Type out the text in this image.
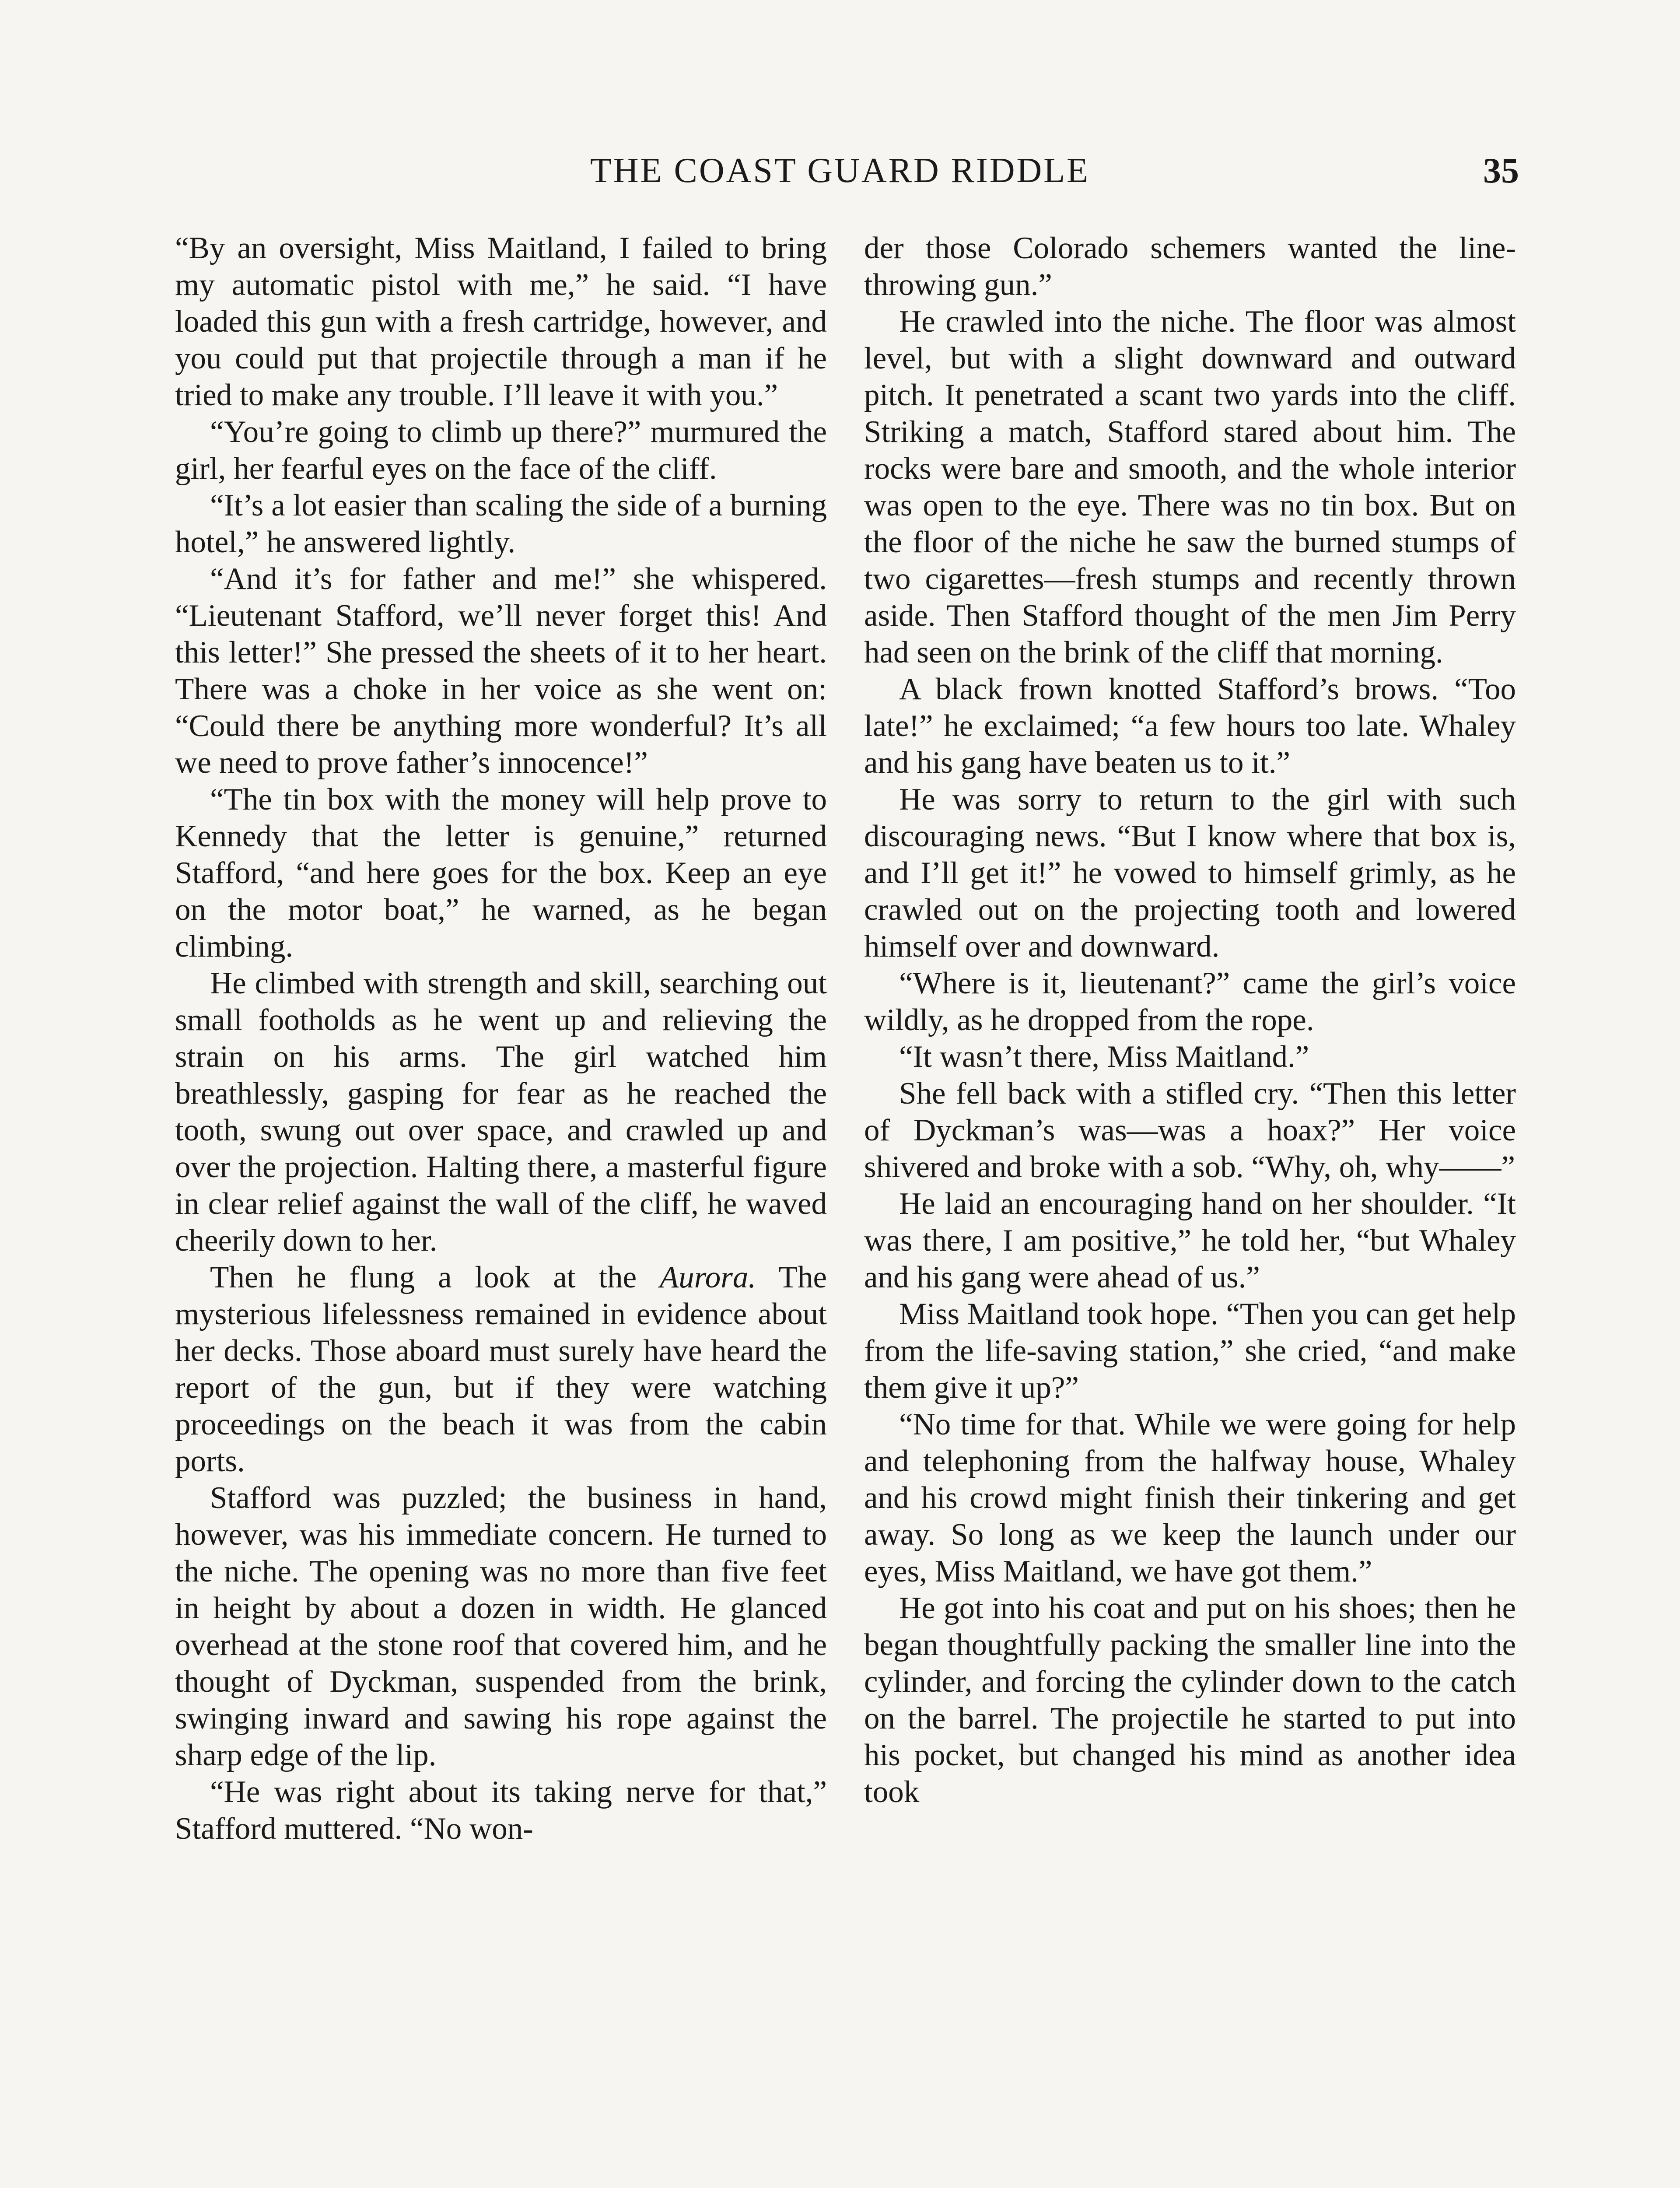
THE COAST GUARD RIDDLE	35

“By an oversight, Miss Maitland, I failed to bring my automatic pistol with me,” he said. “I have loaded this gun with a fresh cartridge, however, and you could put that projectile through a man if he tried to make any trouble. I’ll leave it with you.”

“You’re going to climb up there?” murmured the girl, her fearful eyes on the face of the cliff.

“It’s a lot easier than scaling the side of a burning hotel,” he answered lightly.

“And it’s for father and me!” she whispered. “Lieutenant Stafford, we’ll never forget this! And this letter!” She pressed the sheets of it to her heart. There was a choke in her voice as she went on: “Could there be anything more wonderful? It’s all we need to prove father’s innocence!”

“The tin box with the money will help prove to Kennedy that the letter is genuine,” returned Stafford, “and here goes for the box. Keep an eye on the motor boat,” he warned, as he began climbing.

He climbed with strength and skill, searching out small footholds as he went up and relieving the strain on his arms. The girl watched him breathlessly, gasping for fear as he reached the tooth, swung out over space, and crawled up and over the projection. Halting there, a masterful figure in clear relief against the wall of the cliff, he waved cheerily down to her.

Then he flung a look at the Aurora. The mysterious lifelessness remained in evidence about her decks. Those aboard must surely have heard the report of the gun, but if they were watching proceedings on the beach it was from the cabin ports.

Stafford was puzzled; the business in hand, however, was his immediate concern. He turned to the niche. The opening was no more than five feet in height by about a dozen in width. He glanced overhead at the stone roof that covered him, and he thought of Dyckman, suspended from the brink, swinging inward and sawing his rope against the sharp edge of the lip.

“He was right about its taking nerve for that,” Stafford muttered. “No won-

der those Colorado schemers wanted the line-throwing gun.”

He crawled into the niche. The floor was almost level, but with a slight downward and outward pitch. It penetrated a scant two yards into the cliff. Striking a match, Stafford stared about him. The rocks were bare and smooth, and the whole interior was open to the eye. There was no tin box. But on the floor of the niche he saw the burned stumps of two cigarettes—fresh stumps and recently thrown aside. Then Stafford thought of the men Jim Perry had seen on the brink of the cliff that morning.

A black frown knotted Stafford’s brows. “Too late!” he exclaimed; “a few hours too late. Whaley and his gang have beaten us to it.”

He was sorry to return to the girl with such discouraging news. “But I know where that box is, and I’ll get it!” he vowed to himself grimly, as he crawled out on the projecting tooth and lowered himself over and downward.

“Where is it, lieutenant?” came the girl’s voice wildly, as he dropped from the rope.

“It wasn’t there, Miss Maitland.”

She fell back with a stifled cry. “Then this letter of Dyckman’s was—was a hoax?” Her voice shivered and broke with a sob. “Why, oh, why——”

He laid an encouraging hand on her shoulder. “It was there, I am positive,” he told her, “but Whaley and his gang were ahead of us.”

Miss Maitland took hope. “Then you can get help from the life-saving station,” she cried, “and make them give it up?”

“No time for that. While we were going for help and telephoning from the halfway house, Whaley and his crowd might finish their tinkering and get away. So long as we keep the launch under our eyes, Miss Maitland, we have got them.”

He got into his coat and put on his shoes; then he began thoughtfully packing the smaller line into the cylinder, and forcing the cylinder down to the catch on the barrel. The projectile he started to put into his pocket, but changed his mind as another idea took
